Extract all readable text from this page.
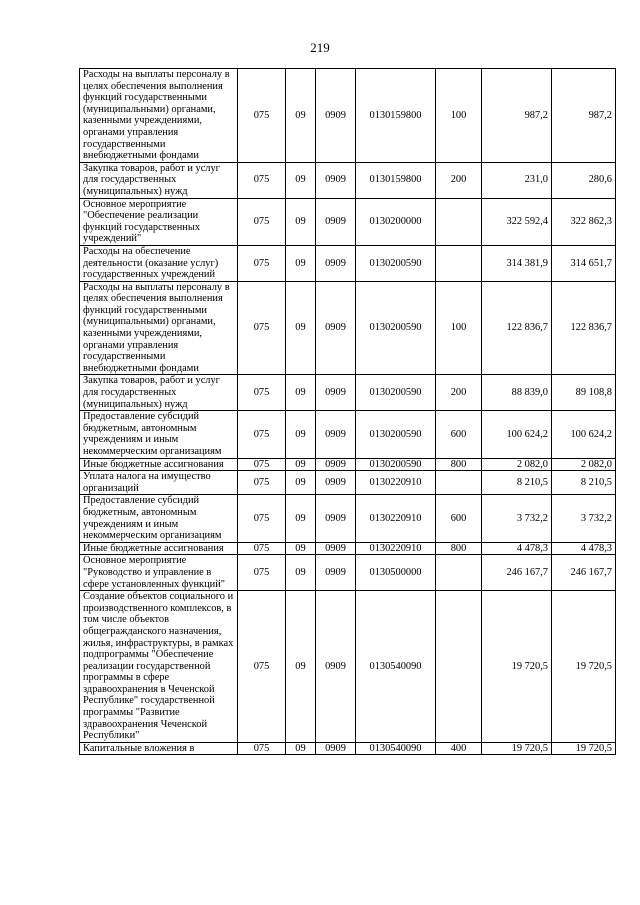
219
Расходы на выплаты персоналу в целях обеспечения выполнения функций государственными (муниципальными) органами, казенными учреждениями, органами управления государственными внебюджетными фондами	075	09	0909	0130159800	100	987,2	987,2
Закупка товаров, работ и услуг для государственных (муниципальных) нужд	075	09	0909	0130159800	200	231,0	280,6
Основное мероприятие "Обеспечение реализации функций государственных учреждений"	075	09	0909	0130200000		322 592,4	322 862,3
Расходы на обеспечение деятельности (оказание услуг) государственных учреждений	075	09	0909	0130200590		314 381,9	314 651,7
Расходы на выплаты персоналу в целях обеспечения выполнения функций государственными (муниципальными) органами, казенными учреждениями, органами управления государственными внебюджетными фондами	075	09	0909	0130200590	100	122 836,7	122 836,7
Закупка товаров, работ и услуг для государственных (муниципальных) нужд	075	09	0909	0130200590	200	88 839,0	89 108,8
Предоставление субсидий бюджетным, автономным учреждениям и иным некоммерческим организациям	075	09	0909	0130200590	600	100 624,2	100 624,2
Иные бюджетные ассигнования	075	09	0909	0130200590	800	2 082,0	2 082,0
Уплата налога на имущество организаций	075	09	0909	0130220910		8 210,5	8 210,5
Предоставление субсидий бюджетным, автономным учреждениям и иным некоммерческим организациям	075	09	0909	0130220910	600	3 732,2	3 732,2
Иные бюджетные ассигнования	075	09	0909	0130220910	800	4 478,3	4 478,3
Основное мероприятие "Руководство и управление в сфере установленных функций"	075	09	0909	0130500000		246 167,7	246 167,7
Создание объектов социального и производственного комплексов, в том числе объектов общегражданского назначения, жилья, инфраструктуры, в рамках подпрограммы "Обеспечение реализации государственной программы в сфере здравоохранения в Чеченской Республике" государственной программы "Развитие здравоохранения Чеченской Республики"	075	09	0909	0130540090		19 720,5	19 720,5
Капитальные вложения в	075	09	0909	0130540090	400	19 720,5	19 720,5
